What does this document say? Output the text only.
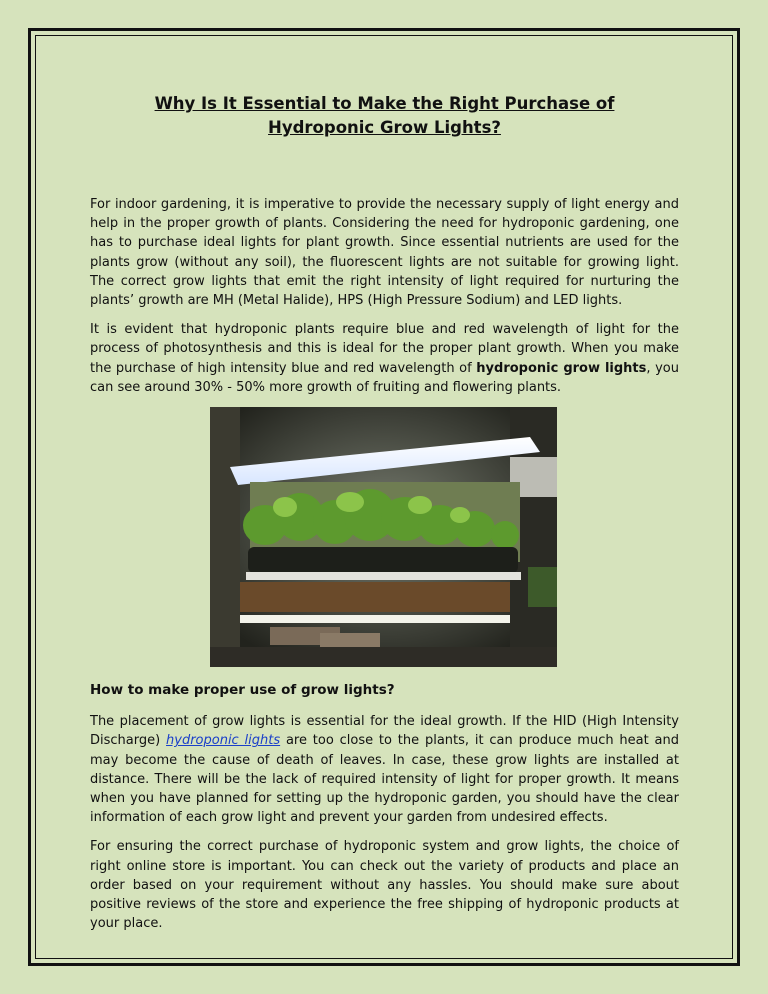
Why Is It Essential to Make the Right Purchase of
Hydroponic Grow Lights?

For indoor gardening, it is imperative to provide the necessary supply of light energy and help in the proper growth of plants. Considering the need for hydroponic gardening, one has to purchase ideal lights for plant growth. Since essential nutrients are used for the plants grow (without any soil), the fluorescent lights are not suitable for growing light. The correct grow lights that emit the right intensity of light required for nurturing the plants’ growth are MH (Metal Halide), HPS (High Pressure Sodium) and LED lights.

It is evident that hydroponic plants require blue and red wavelength of light for the process of photosynthesis and this is ideal for the proper plant growth. When you make the purchase of high intensity blue and red wavelength of hydroponic grow lights, you can see around 30% - 50% more growth of fruiting and flowering plants.

How to make proper use of grow lights?

The placement of grow lights is essential for the ideal growth. If the HID (High Intensity Discharge) hydroponic lights are too close to the plants, it can produce much heat and may become the cause of death of leaves. In case, these grow lights are installed at distance. There will be the lack of required intensity of light for proper growth. It means when you have planned for setting up the hydroponic garden, you should have the clear information of each grow light and prevent your garden from undesired effects.

For ensuring the correct purchase of hydroponic system and grow lights, the choice of right online store is important. You can check out the variety of products and place an order based on your requirement without any hassles. You should make sure about positive reviews of the store and experience the free shipping of hydroponic products at your place.
